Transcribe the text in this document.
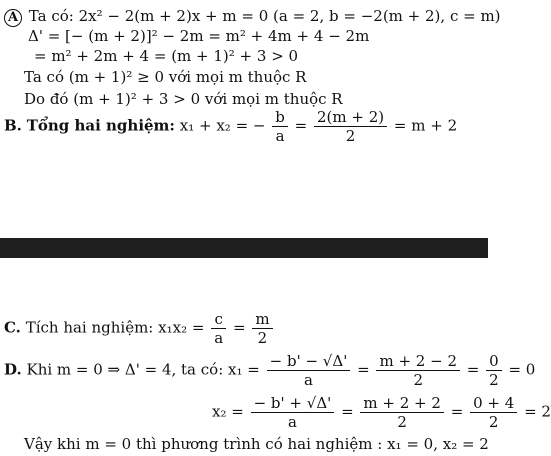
A Ta có: 2x² − 2(m + 2)x + m = 0 (a = 2, b = −2(m + 2), c = m)
Δ' = [− (m + 2)]² − 2m = m² + 4m + 4 − 2m
= m² + 2m + 4 = (m + 1)² + 3 > 0
Ta có (m + 1)² ≥ 0 với mọi m thuộc R
Do đó (m + 1)² + 3 > 0 với mọi m thuộc R
B. Tổng hai nghiệm: x₁ + x₂ = − $\frac{b}{a} = \frac{2(m + 2)}{2} = m + 2$
C. Tích hai nghiệm: $x_1x_2 = \frac{c}{a} = \frac{m}{2}$
D. Khi m = 0 ⇒ Δ' = 4, ta có: $x_1 = \frac{- b' - √\Delta'}{a} = \frac{m + 2 - 2}{2} = \frac{0}{2} = 0$
$x_2 = \frac{- b' + √\Delta'}{a} = \frac{m + 2 + 2}{2} = \frac{0 + 4}{2} = 2$
Vậy khi m = 0 thì phương trình có hai nghiệm : x₁ = 0, x₂ = 2
